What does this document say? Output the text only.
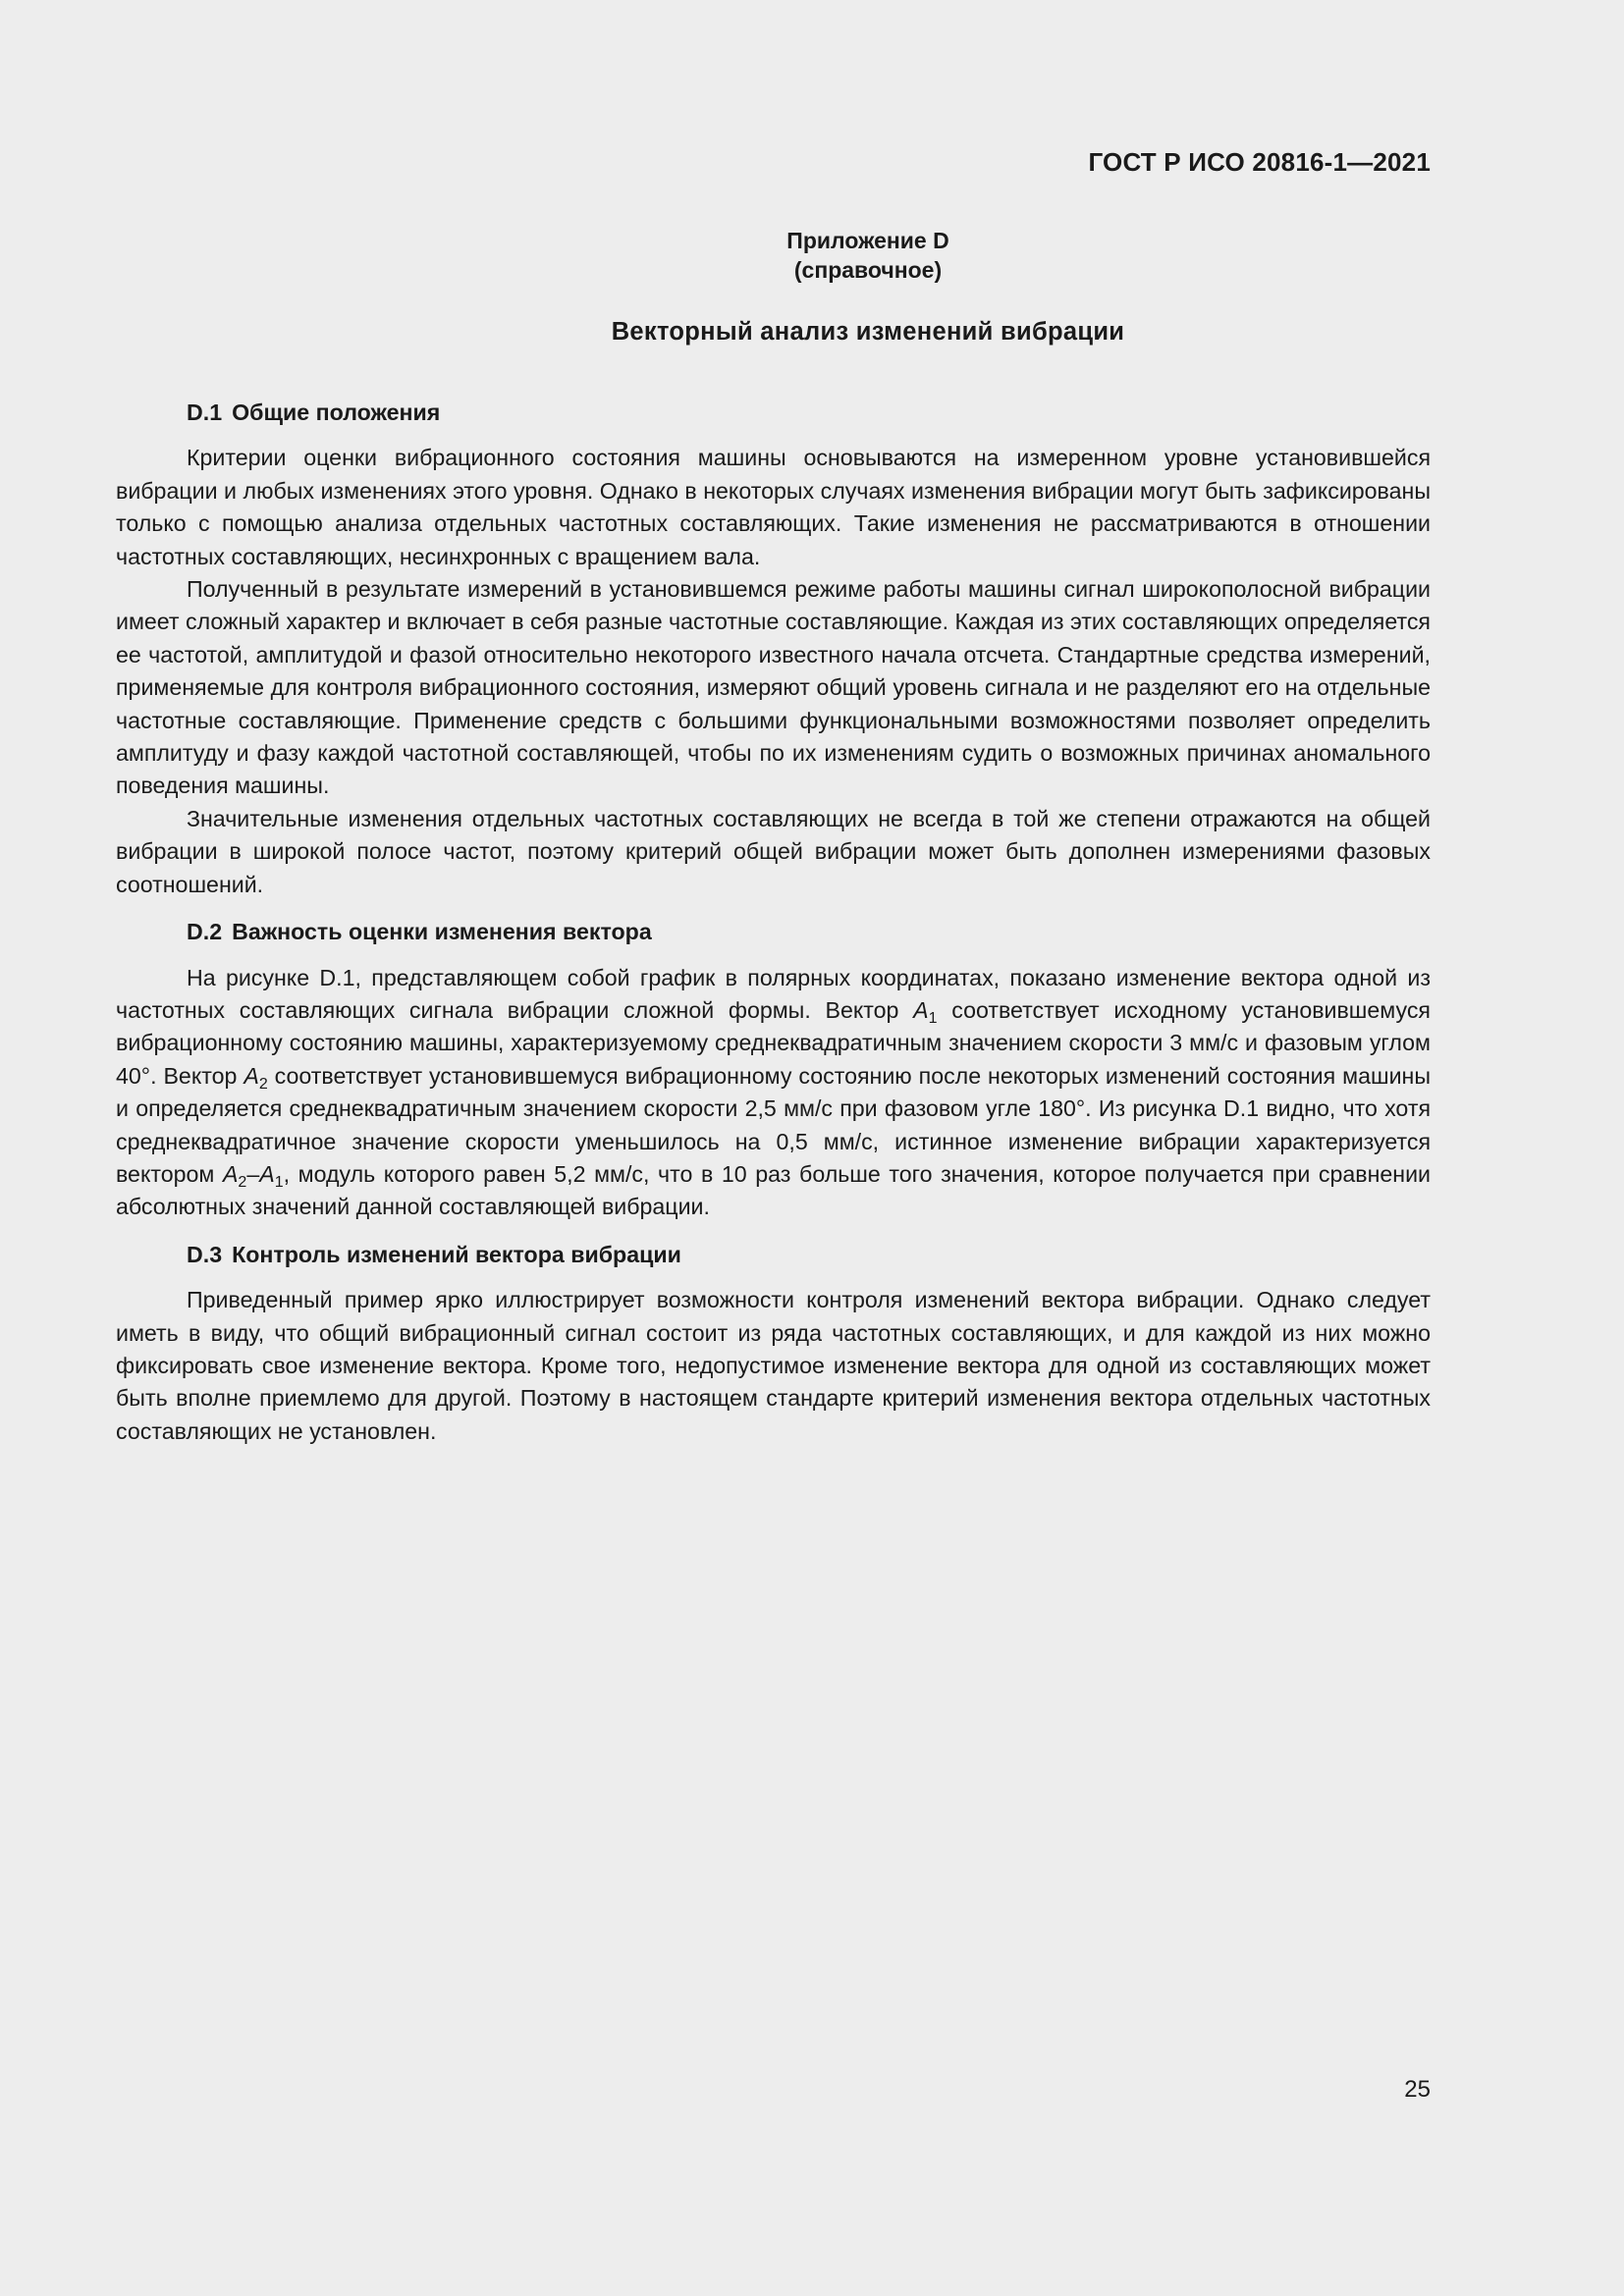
ГОСТ Р ИСО 20816-1—2021
Приложение D
(справочное)
Векторный анализ изменений вибрации

D.1 Общие положения

Критерии оценки вибрационного состояния машины основываются на измеренном уровне установившейся вибрации и любых изменениях этого уровня. Однако в некоторых случаях изменения вибрации могут быть зафиксированы только с помощью анализа отдельных частотных составляющих. Такие изменения не рассматриваются в отношении частотных составляющих, несинхронных с вращением вала.

Полученный в результате измерений в установившемся режиме работы машины сигнал широкополосной вибрации имеет сложный характер и включает в себя разные частотные составляющие. Каждая из этих составляющих определяется ее частотой, амплитудой и фазой относительно некоторого известного начала отсчета. Стандартные средства измерений, применяемые для контроля вибрационного состояния, измеряют общий уровень сигнала и не разделяют его на отдельные частотные составляющие. Применение средств с большими функциональными возможностями позволяет определить амплитуду и фазу каждой частотной составляющей, чтобы по их изменениям судить о возможных причинах аномального поведения машины.

Значительные изменения отдельных частотных составляющих не всегда в той же степени отражаются на общей вибрации в широкой полосе частот, поэтому критерий общей вибрации может быть дополнен измерениями фазовых соотношений.

D.2 Важность оценки изменения вектора

На рисунке D.1, представляющем собой график в полярных координатах, показано изменение вектора одной из частотных составляющих сигнала вибрации сложной формы. Вектор $A_1$ соответствует исходному установившемуся вибрационному состоянию машины, характеризуемому среднеквадратичным значением скорости 3 мм/с и фазовым углом 40°. Вектор $A_2$ соответствует установившемуся вибрационному состоянию после некоторых изменений состояния машины и определяется среднеквадратичным значением скорости 2,5 мм/с при фазовом угле 180°. Из рисунка D.1 видно, что хотя среднеквадратичное значение скорости уменьшилось на 0,5 мм/с, истинное изменение вибрации характеризуется вектором $A_2-A_1$, модуль которого равен 5,2 мм/с, что в 10 раз больше того значения, которое получается при сравнении абсолютных значений данной составляющей вибрации.

D.3 Контроль изменений вектора вибрации

Приведенный пример ярко иллюстрирует возможности контроля изменений вектора вибрации. Однако следует иметь в виду, что общий вибрационный сигнал состоит из ряда частотных составляющих, и для каждой из них можно фиксировать свое изменение вектора. Кроме того, недопустимое изменение вектора для одной из составляющих может быть вполне приемлемо для другой. Поэтому в настоящем стандарте критерий изменения вектора отдельных частотных составляющих не установлен.

25
